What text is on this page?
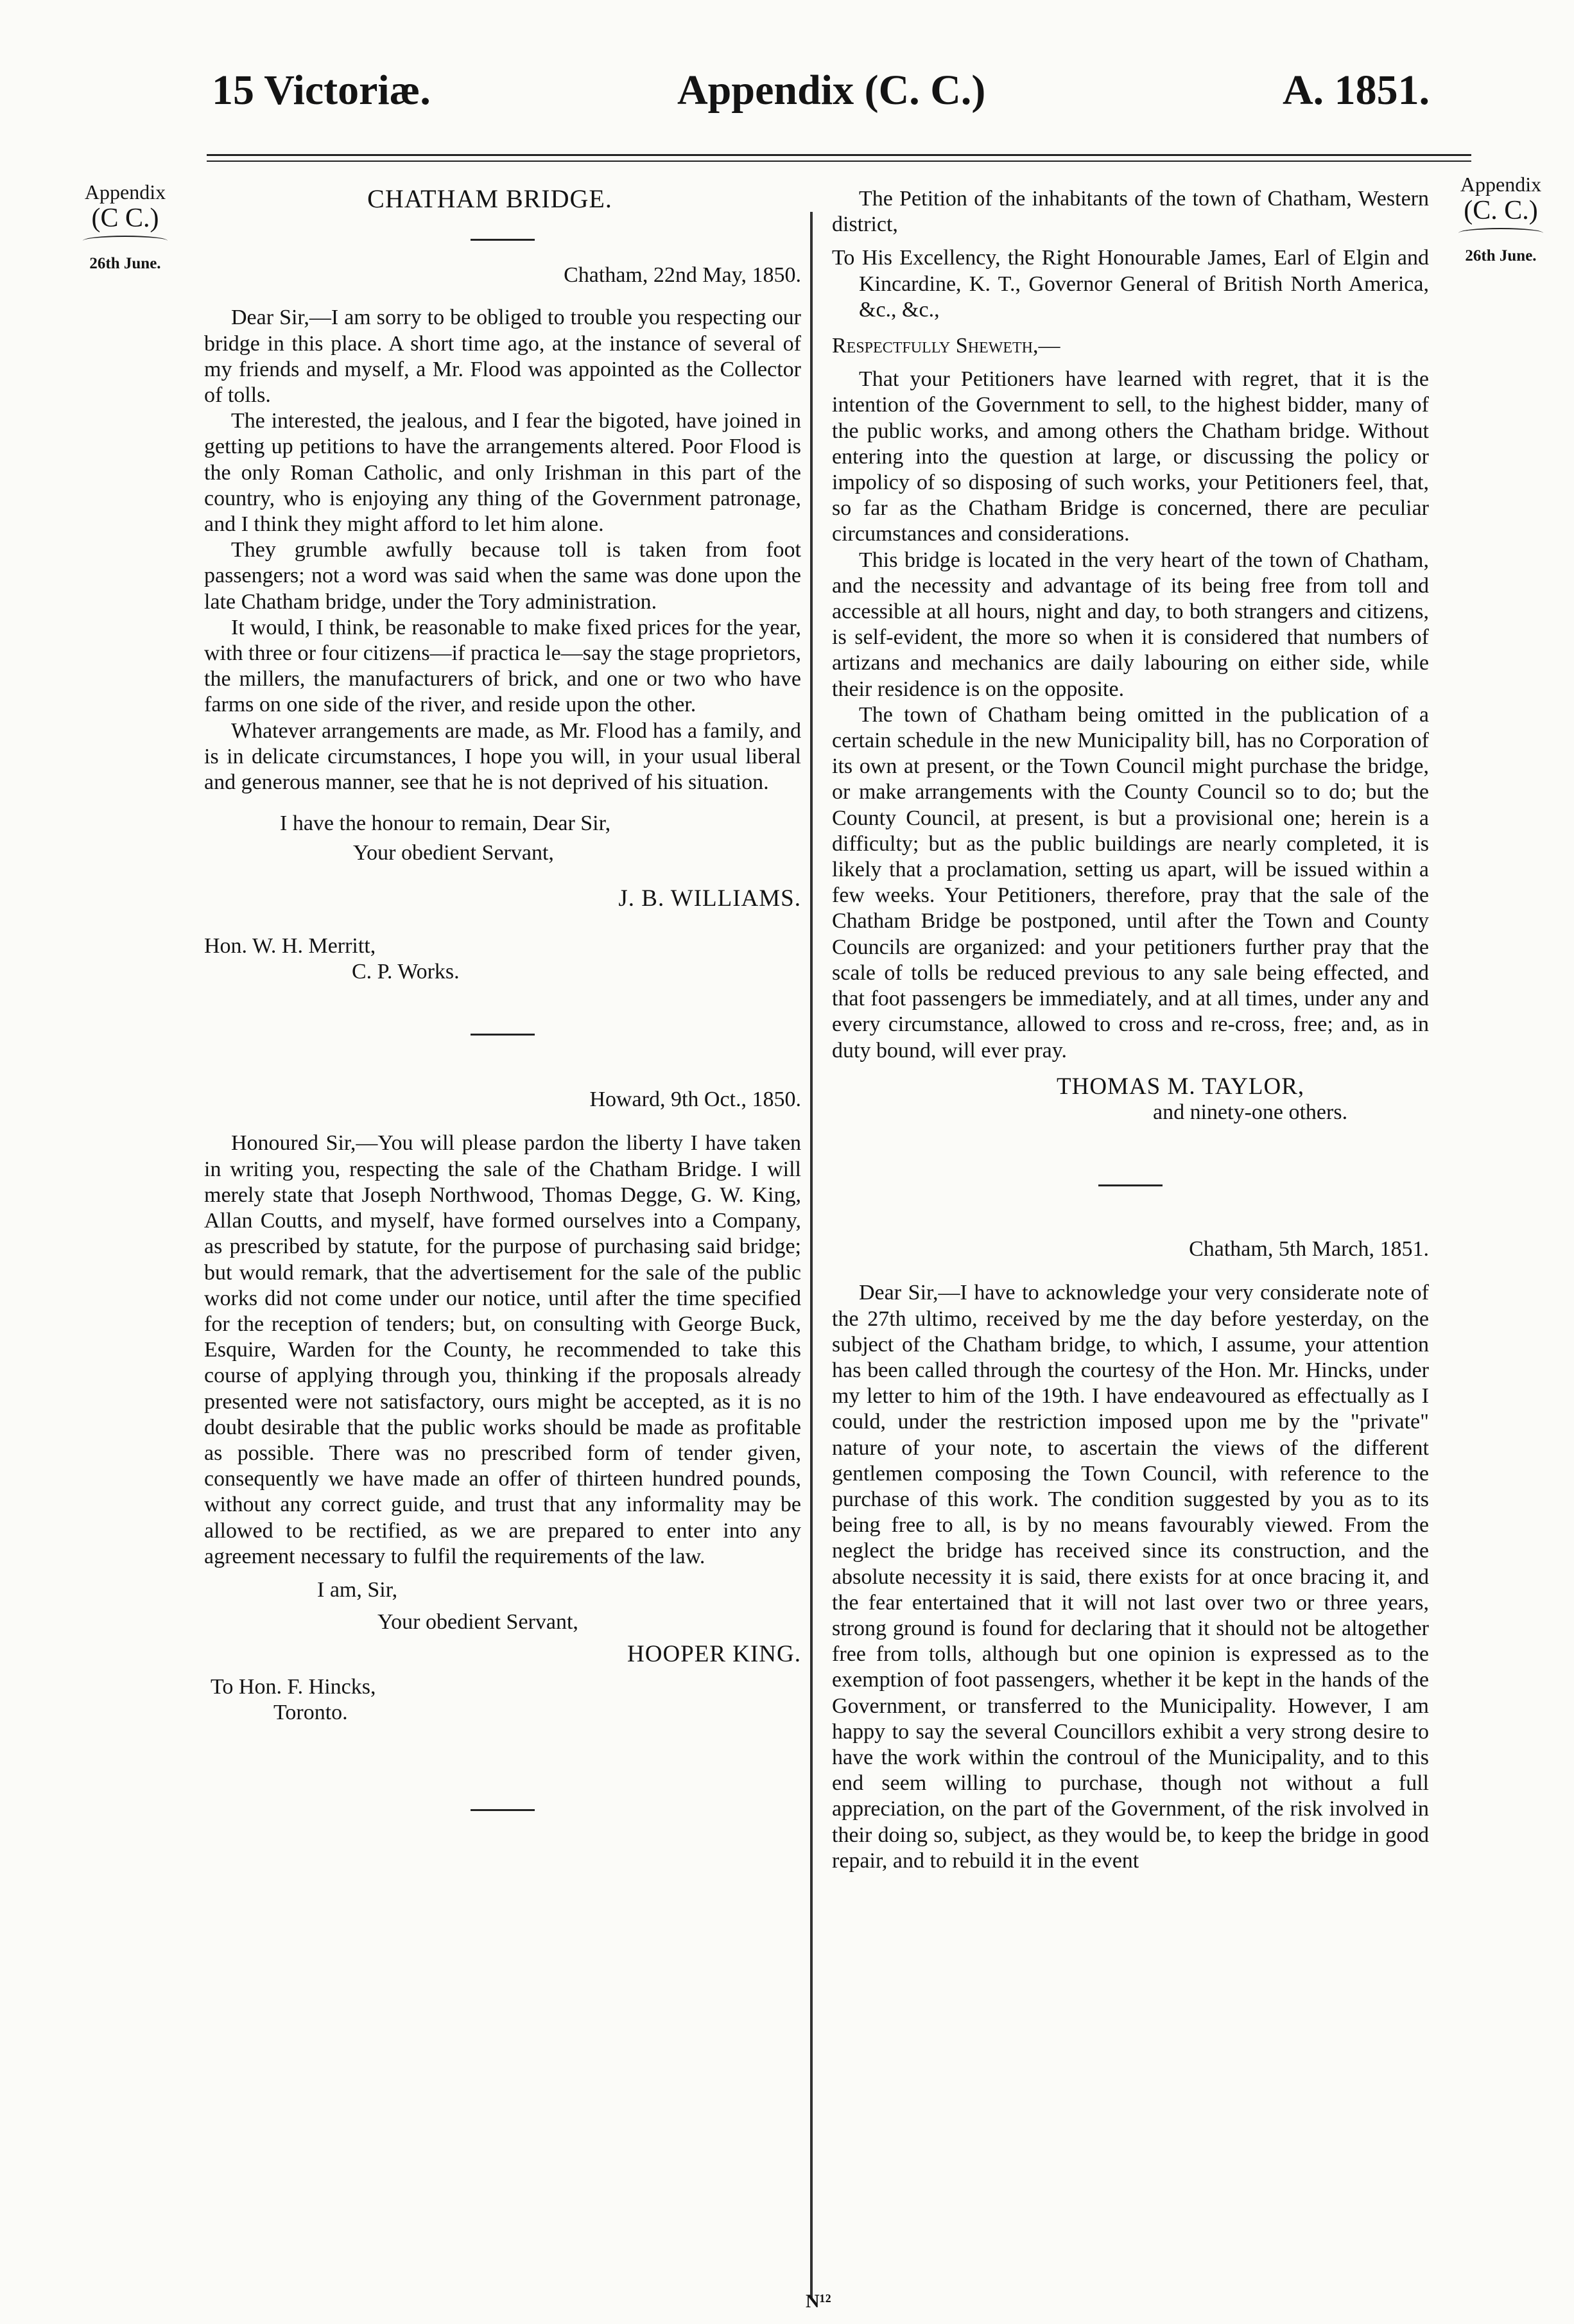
15 Victoriæ.	Appendix (C. C.)	A. 1851.
Appendix
(C C.)
26th June.
Appendix
(C. C.)
26th June.

CHATHAM BRIDGE.

Chatham, 22nd May, 1850.

Dear Sir,—I am sorry to be obliged to trouble you respecting our bridge in this place. A short time ago, at the instance of several of my friends and myself, a Mr. Flood was appointed as the Collector of tolls.

The interested, the jealous, and I fear the bigoted, have joined in getting up petitions to have the arrangements altered. Poor Flood is the only Roman Catholic, and only Irishman in this part of the country, who is enjoying any thing of the Government patronage, and I think they might afford to let him alone.

They grumble awfully because toll is taken from foot passengers; not a word was said when the same was done upon the late Chatham bridge, under the Tory administration.

It would, I think, be reasonable to make fixed prices for the year, with three or four citizens—if practica le—say the stage proprietors, the millers, the manufacturers of brick, and one or two who have farms on one side of the river, and reside upon the other.

Whatever arrangements are made, as Mr. Flood has a family, and is in delicate circumstances, I hope you will, in your usual liberal and generous manner, see that he is not deprived of his situation.

I have the honour to remain, Dear Sir,

Your obedient Servant,

J. B. WILLIAMS.

Hon. W. H. Merritt,

C. P. Works.

Howard, 9th Oct., 1850.

Honoured Sir,—You will please pardon the liberty I have taken in writing you, respecting the sale of the Chatham Bridge. I will merely state that Joseph Northwood, Thomas Degge, G. W. King, Allan Coutts, and myself, have formed ourselves into a Company, as prescribed by statute, for the purpose of purchasing said bridge; but would remark, that the advertisement for the sale of the public works did not come under our notice, until after the time specified for the reception of tenders; but, on consulting with George Buck, Esquire, Warden for the County, he recommended to take this course of applying through you, thinking if the proposals already presented were not satisfactory, ours might be accepted, as it is no doubt desirable that the public works should be made as profitable as possible. There was no prescribed form of tender given, consequently we have made an offer of thirteen hundred pounds, without any correct guide, and trust that any informality may be allowed to be rectified, as we are prepared to enter into any agreement necessary to fulfil the requirements of the law.

I am, Sir,

Your obedient Servant,

HOOPER KING.

To Hon. F. Hincks,

Toronto.

The Petition of the inhabitants of the town of Chatham, Western district,

To His Excellency, the Right Honourable James, Earl of Elgin and Kincardine, K. T., Governor General of British North America, &c., &c.,

Respectfully Sheweth,—

That your Petitioners have learned with regret, that it is the intention of the Government to sell, to the highest bidder, many of the public works, and among others the Chatham bridge. Without entering into the question at large, or discussing the policy or impolicy of so disposing of such works, your Petitioners feel, that, so far as the Chatham Bridge is concerned, there are peculiar circumstances and considerations.

This bridge is located in the very heart of the town of Chatham, and the necessity and advantage of its being free from toll and accessible at all hours, night and day, to both strangers and citizens, is self-evident, the more so when it is considered that numbers of artizans and mechanics are daily labouring on either side, while their residence is on the opposite.

The town of Chatham being omitted in the publication of a certain schedule in the new Municipality bill, has no Corporation of its own at present, or the Town Council might purchase the bridge, or make arrangements with the County Council so to do; but the County Council, at present, is but a provisional one; herein is a difficulty; but as the public buildings are nearly completed, it is likely that a proclamation, setting us apart, will be issued within a few weeks. Your Petitioners, therefore, pray that the sale of the Chatham Bridge be postponed, until after the Town and County Councils are organized: and your petitioners further pray that the scale of tolls be reduced previous to any sale being effected, and that foot passengers be immediately, and at all times, under any and every circumstance, allowed to cross and re-cross, free; and, as in duty bound, will ever pray.

THOMAS M. TAYLOR,

and ninety-one others.

Chatham, 5th March, 1851.

Dear Sir,—I have to acknowledge your very considerate note of the 27th ultimo, received by me the day before yesterday, on the subject of the Chatham bridge, to which, I assume, your attention has been called through the courtesy of the Hon. Mr. Hincks, under my letter to him of the 19th. I have endeavoured as effectually as I could, under the restriction imposed upon me by the "private" nature of your note, to ascertain the views of the different gentlemen composing the Town Council, with reference to the purchase of this work. The condition suggested by you as to its being free to all, is by no means favourably viewed. From the neglect the bridge has received since its construction, and the absolute necessity it is said, there exists for at once bracing it, and the fear entertained that it will not last over two or three years, strong ground is found for declaring that it should not be altogether free from tolls, although but one opinion is expressed as to the exemption of foot passengers, whether it be kept in the hands of the Government, or transferred to the Municipality. However, I am happy to say the several Councillors exhibit a very strong desire to have the work within the controul of the Municipality, and to this end seem willing to purchase, though not without a full appreciation, on the part of the Government, of the risk involved in their doing so, subject, as they would be, to keep the bridge in good repair, and to rebuild it in the event

N¹²
